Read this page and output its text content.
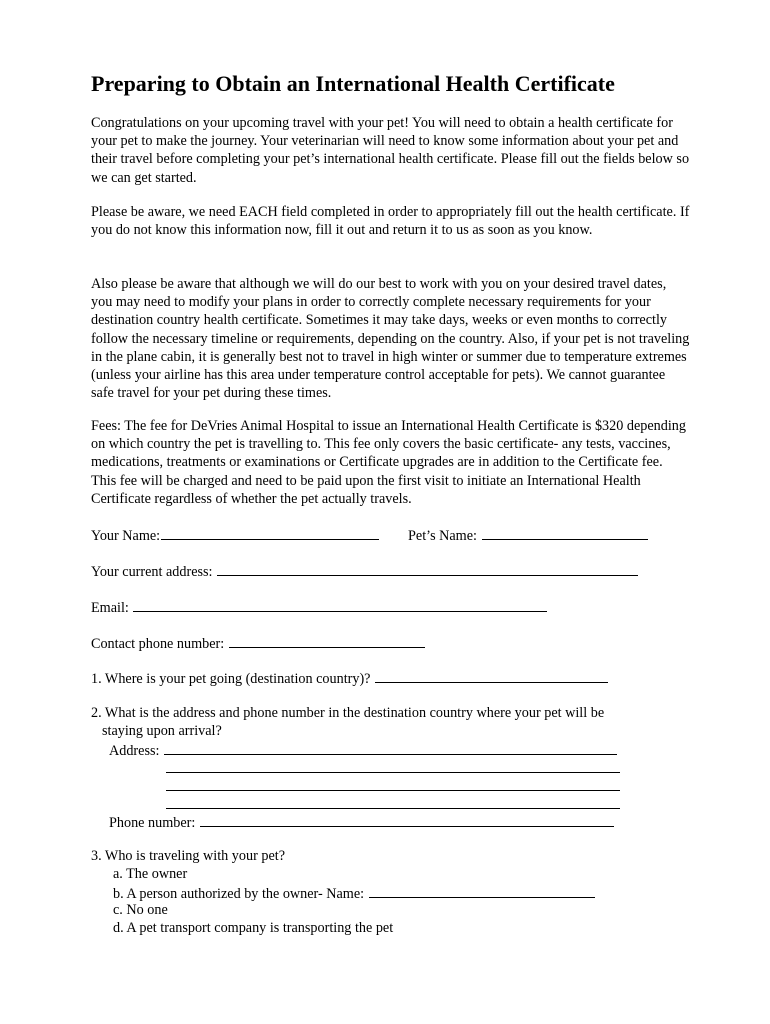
Preparing to Obtain an International Health Certificate

Congratulations on your upcoming travel with your pet! You will need to obtain a health certificate for your pet to make the journey. Your veterinarian will need to know some information about your pet and their travel before completing your pet’s international health certificate. Please fill out the fields below so we can get started.

Please be aware, we need EACH field completed in order to appropriately fill out the health certificate. If you do not know this information now, fill it out and return it to us as soon as you know.

Also please be aware that although we will do our best to work with you on your desired travel dates, you may need to modify your plans in order to correctly complete necessary requirements for your destination country health certificate. Sometimes it may take days, weeks or even months to correctly follow the necessary timeline or requirements, depending on the country. Also, if your pet is not traveling in the plane cabin, it is generally best not to travel in high winter or summer due to temperature extremes (unless your airline has this area under temperature control acceptable for pets). We cannot guarantee safe travel for your pet during these times.

Fees: The fee for DeVries Animal Hospital to issue an International Health Certificate is $320 depending on which country the pet is travelling to. This fee only covers the basic certificate- any tests, vaccines, medications, treatments or examinations or Certificate upgrades are in addition to the Certificate fee. This fee will be charged and need to be paid upon the first visit to initiate an International Health Certificate regardless of whether the pet actually travels.

Your Name:	Pet’s Name:
Your current address:
Email:
Contact phone number:
1. Where is your pet going (destination country)?
2. What is the address and phone number in the destination country where your pet will be
staying upon arrival?
Address:
Phone number:
3. Who is traveling with your pet?
a. The owner
b. A person authorized by the owner- Name:
c. No one
d. A pet transport company is transporting the pet
